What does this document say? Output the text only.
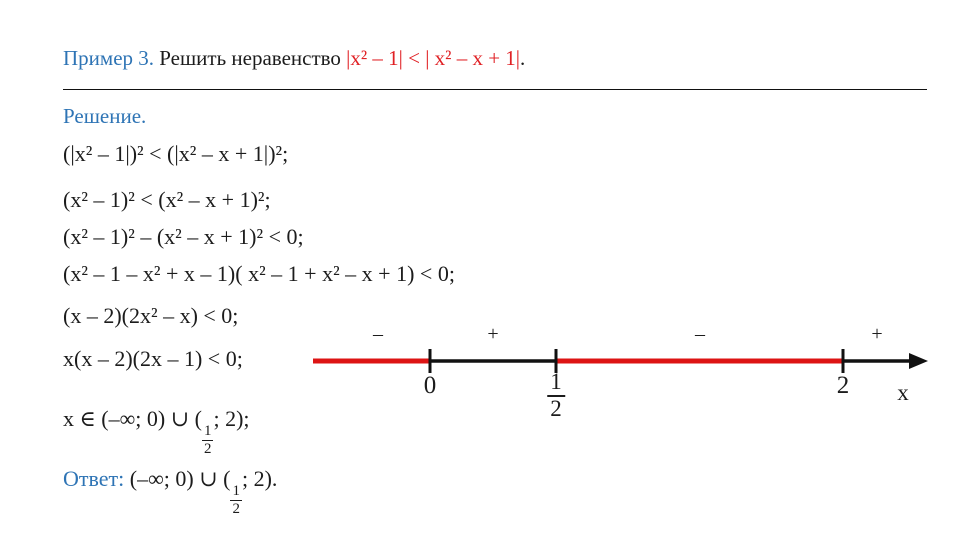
Пример 3. Решить неравенство |x² – 1| < | x² – x + 1|.

Решение.

(|x² – 1|)² < (|x² – x + 1|)²;

(x² – 1)² < (x² – x + 1)²;

(x² – 1)² – (x² – x + 1)² < 0;

(x² – 1 – x² + x – 1)( x² – 1 + x² – x + 1) < 0;

(x – 2)(2x² – x) < 0;

x(x – 2)(2x – 1) < 0;

x ∈ (–∞; 0) ∪ (
$\frac{1}{2}$
; 2);

Ответ: (–∞; 0) ∪ (
$\frac{1}{2}$
; 2).

–	+	–	+
0	$\frac{1}{2}$	2 x
